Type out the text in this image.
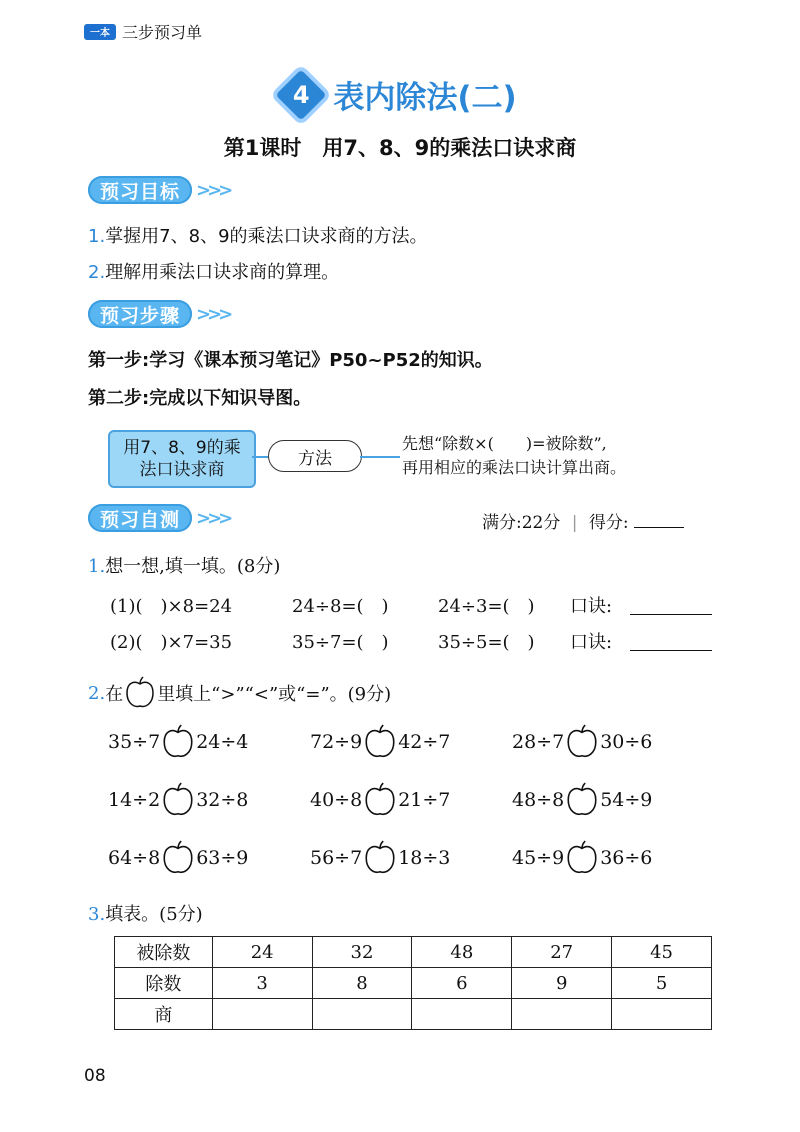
一本 三步预习单
4 表内除法(二)
第1课时　用7、8、9的乘法口诀求商
预习目标 >>>
1.掌握用7、8、9的乘法口诀求商的方法。
2.理解用乘法口诀求商的算理。
预习步骤 >>>
第一步:学习《课本预习笔记》P50~P52的知识。
第二步:完成以下知识导图。
用7、8、9的乘法口诀求商
方法
先想“除数×(　　)=被除数”,
再用相应的乘法口诀计算出商。
预习自测 >>>	满分:22分 | 得分:
1.想一想,填一填。(8分)
(1)(　)×8=24	24÷8=(　)	24÷3=(　) 口诀:
(2)(　)×7=35	35÷7=(　)	35÷5=(　) 口诀:
2. 在 里填上“>”“<”或“=”。(9分)
35÷7 24÷4	72÷9 42÷7	28÷7 30÷6
14÷2 32÷8	40÷8 21÷7	48÷8 54÷9
64÷8 63÷9	56÷7 18÷3	45÷9 36÷6
3.填表。(5分)
被除数	24	32	48	27	45
除数	3	8	6	9	5
商					
08
